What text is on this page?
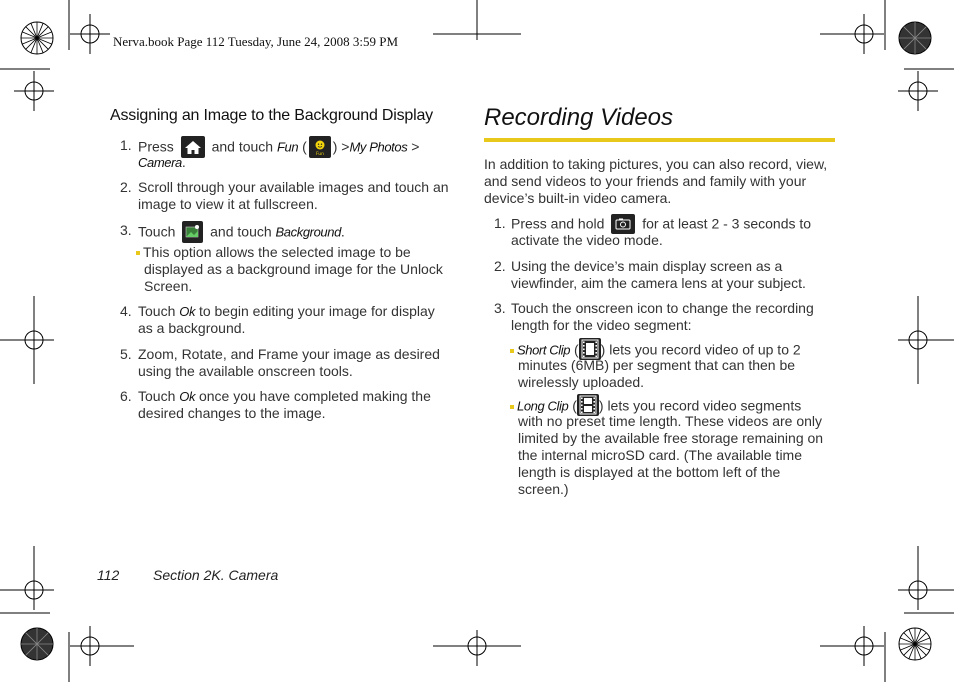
Nerva.book Page 112 Tuesday, June 24, 2008 3:59 PM
Assigning an Image to the Background Display
1. Press	and touch Fun ( Fun ) >My Photos >
Camera.
2. Scroll through your available images and touch an
image to view it at fullscreen.
3. Touch and touch Background.
This option allows the selected image to be
displayed as a background image for the Unlock
Screen.
4. Touch Ok to begin editing your image for display
as a background.
5. Zoom, Rotate, and Frame your image as desired
using the available onscreen tools.
6. Touch Ok once you have completed making the
desired changes to the image.
Recording Videos
In addition to taking pictures, you can also record, view,
and send videos to your friends and family with your
device’s built-in video camera.
1. Press and hold	for at least 2 - 3 seconds to
activate the video mode.
2. Using the device’s main display screen as a
viewfinder, aim the camera lens at your subject.
3. Touch the onscreen icon to change the recording
length for the video segment:
Short Clip ( ) lets you record video of up to 2
minutes (6MB) per segment that can then be
wirelessly uploaded.
Long Clip ( ) lets you record video segments
with no preset time length. These videos are only
limited by the available free storage remaining on
the internal microSD card. (The available time
length is displayed at the bottom left of the
screen.)
112 Section 2K. Camera
